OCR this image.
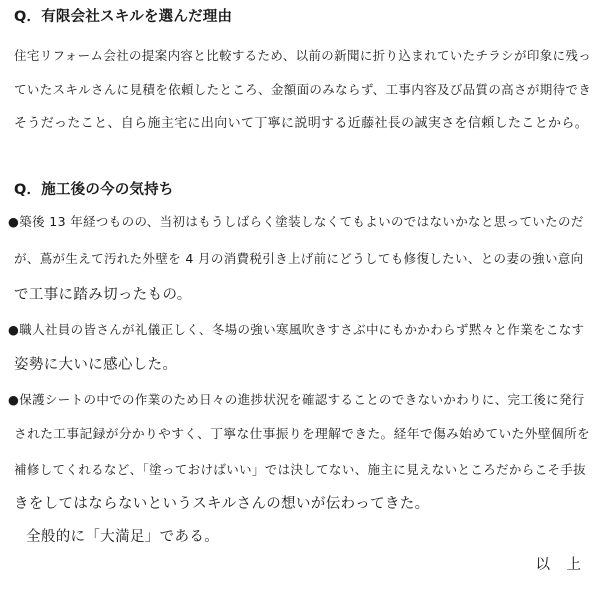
Q．有限会社スキルを選んだ理由
住宅リフォーム会社の提案内容と比較するため、以前の新聞に折り込まれていたチラシが印象に残っ
ていたスキルさんに見積を依頼したところ、金額面のみならず、工事内容及び品質の高さが期待でき
そうだったこと、自ら施主宅に出向いて丁寧に説明する近藤社長の誠実さを信頼したことから。
Q．施工後の今の気持ち
●築後 13 年経つものの、当初はもうしばらく塗装しなくてもよいのではないかなと思っていたのだ
が、蔦が生えて汚れた外壁を 4 月の消費税引き上げ前にどうしても修復したい、との妻の強い意向
で工事に踏み切ったもの。
●職人社員の皆さんが礼儀正しく、冬場の強い寒風吹きすさぶ中にもかかわらず黙々と作業をこなす
姿勢に大いに感心した。
●保護シートの中での作業のため日々の進捗状況を確認することのできないかわりに、完工後に発行
された工事記録が分かりやすく、丁寧な仕事振りを理解できた。経年で傷み始めていた外壁個所を
補修してくれるなど、「塗っておけばいい」では決してない、施主に見えないところだからこそ手抜
きをしてはならないというスキルさんの想いが伝わってきた。
全般的に「大満足」である。
以　上
